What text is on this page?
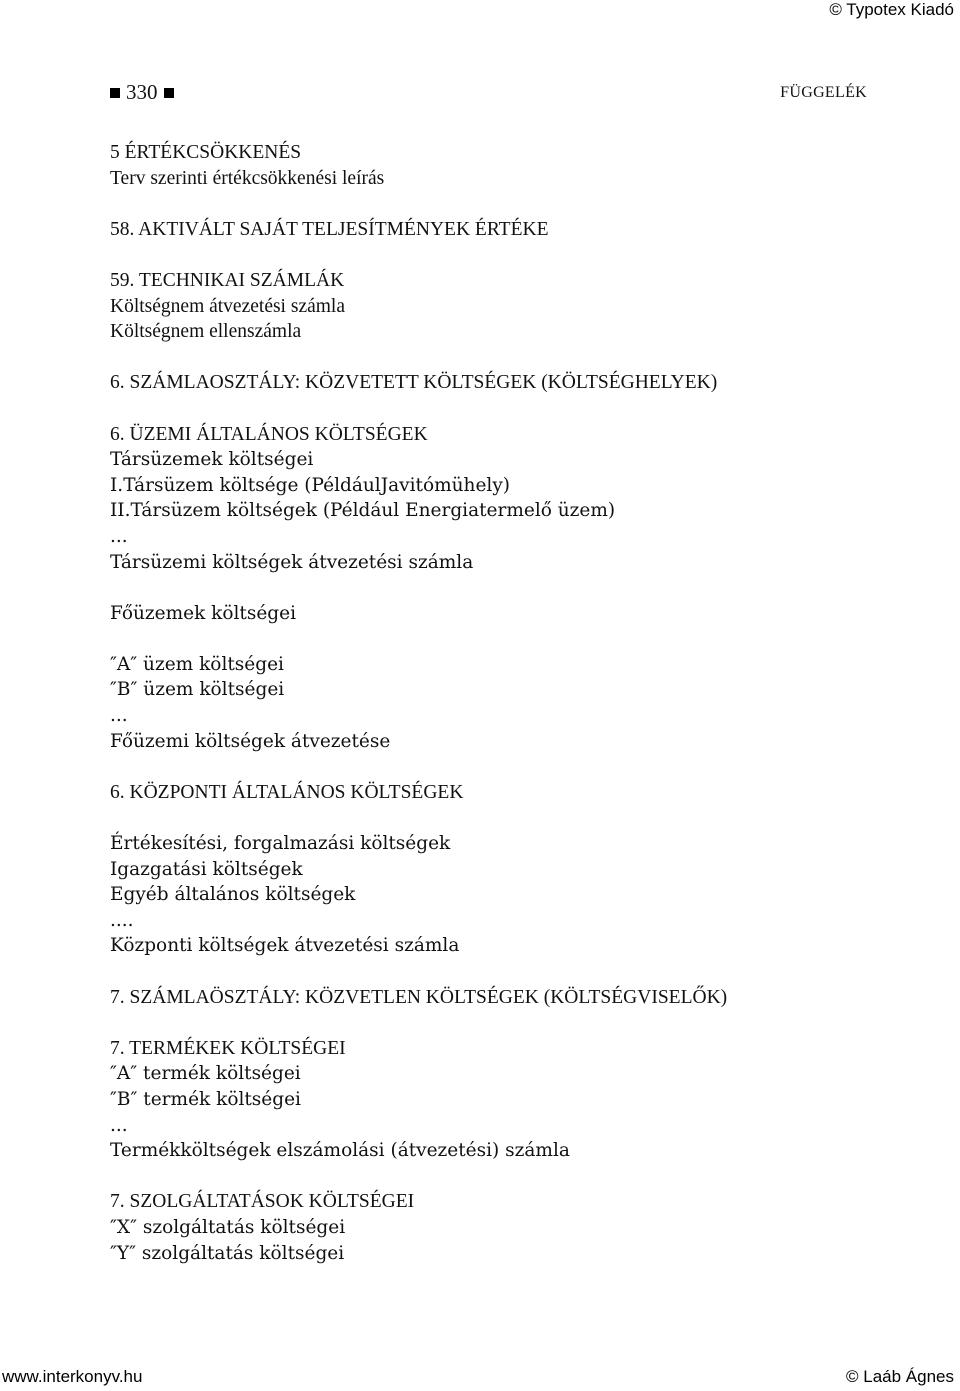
© Typotex Kiadó
330	FÜGGELÉK
5 ÉRTÉKCSÖKKENÉS
Terv szerinti értékcsökkenési leírás
58. AKTIVÁLT SAJÁT TELJESÍTMÉNYEK ÉRTÉKE
59. TECHNIKAI SZÁMLÁK
Költségnem átvezetési számla
Költségnem ellenszámla
6. SZÁMLAOSZTÁLY: KÖZVETETT KÖLTSÉGEK (KÖLTSÉGHELYEK)
6. ÜZEMI ÁLTALÁNOS KÖLTSÉGEK
Társüzemek költségei
I.Társüzem költsége (PéldáulJavitómühely)
II.Társüzem költségek (Például Energiatermelő üzem)
...
Társüzemi költségek átvezetési számla
Főüzemek költségei
″A″ üzem költségei
″B″ üzem költségei
...
Főüzemi költségek átvezetése
6. KÖZPONTI ÁLTALÁNOS KÖLTSÉGEK
Értékesítési, forgalmazási költségek
Igazgatási költségek
Egyéb általános költségek
....
Központi költségek átvezetési számla
7. SZÁMLAÖSZTÁLY: KÖZVETLEN KÖLTSÉGEK (KÖLTSÉGVISELŐK)
7. TERMÉKEK KÖLTSÉGEI
″A″ termék költségei
″B″ termék költségei
...
Termékköltségek elszámolási (átvezetési) számla
7. SZOLGÁLTATÁSOK KÖLTSÉGEI
″X″ szolgáltatás költségei
″Y″ szolgáltatás költségei
www.interkonyv.hu	© Laáb Ágnes
